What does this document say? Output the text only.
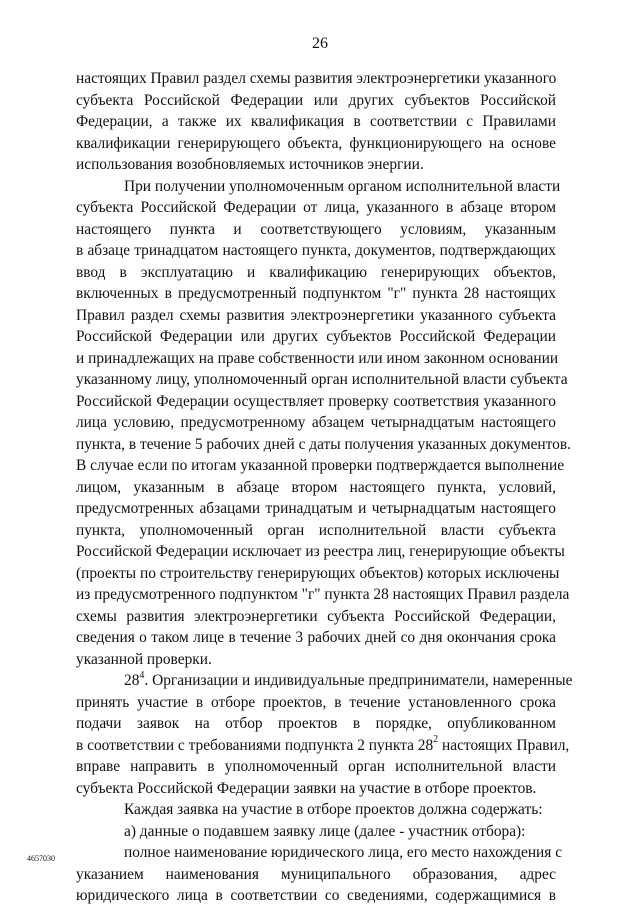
26
настоящих Правил раздел схемы развития электроэнергетики указанного
субъекта Российской Федерации или других субъектов Российской
Федерации, а также их квалификация в соответствии с Правилами
квалификации генерирующего объекта, функционирующего на основе
использования возобновляемых источников энергии.
При получении уполномоченным органом исполнительной власти
субъекта Российской Федерации от лица, указанного в абзаце втором
настоящего пункта и соответствующего условиям, указанным
в абзаце тринадцатом настоящего пункта, документов, подтверждающих
ввод в эксплуатацию и квалификацию генерирующих объектов,
включенных в предусмотренный подпунктом "г" пункта 28 настоящих
Правил раздел схемы развития электроэнергетики указанного субъекта
Российской Федерации или других субъектов Российской Федерации
и принадлежащих на праве собственности или ином законном основании
указанному лицу, уполномоченный орган исполнительной власти субъекта
Российской Федерации осуществляет проверку соответствия указанного
лица условию, предусмотренному абзацем четырнадцатым настоящего
пункта, в течение 5 рабочих дней с даты получения указанных документов.
В случае если по итогам указанной проверки подтверждается выполнение
лицом, указанным в абзаце втором настоящего пункта, условий,
предусмотренных абзацами тринадцатым и четырнадцатым настоящего
пункта, уполномоченный орган исполнительной власти субъекта
Российской Федерации исключает из реестра лиц, генерирующие объекты
(проекты по строительству генерирующих объектов) которых исключены
из предусмотренного подпунктом "г" пункта 28 настоящих Правил раздела
схемы развития электроэнергетики субъекта Российской Федерации,
сведения о таком лице в течение 3 рабочих дней со дня окончания срока
указанной проверки.
$28^4$. Организации и индивидуальные предприниматели, намеренные
принять участие в отборе проектов, в течение установленного срока
подачи заявок на отбор проектов в порядке, опубликованном
в соответствии с требованиями подпункта 2 пункта $28^2$ настоящих Правил,
вправе направить в уполномоченный орган исполнительной власти
субъекта Российской Федерации заявки на участие в отборе проектов.
Каждая заявка на участие в отборе проектов должна содержать:
а) данные о подавшем заявку лице (далее - участник отбора):
полное наименование юридического лица, его место нахождения с
указанием наименования муниципального образования, адрес
юридического лица в соответствии со сведениями, содержащимися в
4657030
